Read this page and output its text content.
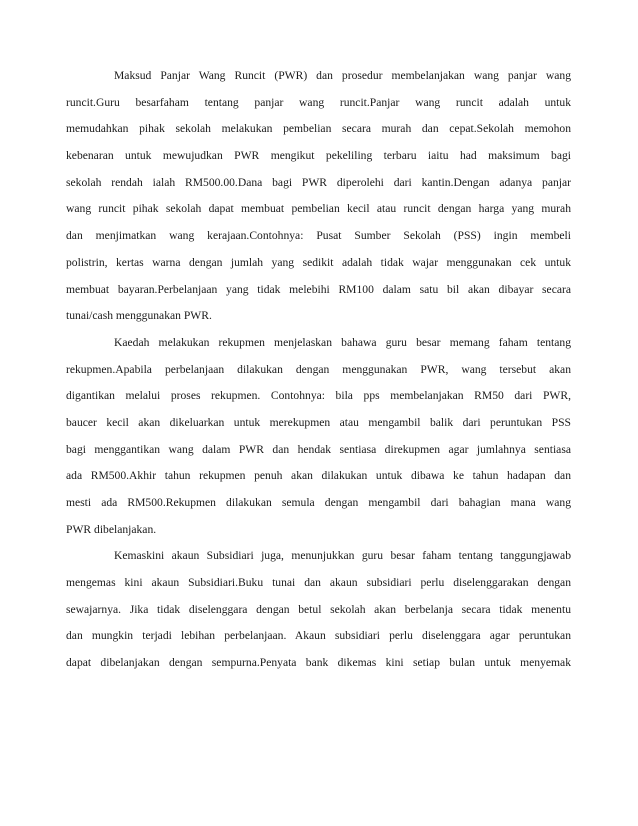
Maksud Panjar Wang Runcit (PWR) dan prosedur membelanjakan wang panjar wang
runcit.Guru besarfaham tentang panjar wang runcit.Panjar wang runcit adalah untuk
memudahkan pihak sekolah melakukan pembelian secara murah dan cepat.Sekolah memohon
kebenaran untuk mewujudkan PWR mengikut pekeliling terbaru iaitu had maksimum bagi
sekolah rendah ialah RM500.00.Dana bagi PWR diperolehi dari kantin.Dengan adanya panjar
wang runcit pihak sekolah dapat membuat pembelian kecil atau runcit dengan harga yang murah
dan menjimatkan wang kerajaan.Contohnya: Pusat Sumber Sekolah (PSS) ingin membeli
polistrin, kertas warna dengan jumlah yang sedikit adalah tidak wajar menggunakan cek untuk
membuat bayaran.Perbelanjaan yang tidak melebihi RM100 dalam satu bil akan dibayar secara
tunai/cash menggunakan PWR.
Kaedah melakukan rekupmen menjelaskan bahawa guru besar memang faham tentang
rekupmen.Apabila perbelanjaan dilakukan dengan menggunakan PWR, wang tersebut akan
digantikan melalui proses rekupmen. Contohnya: bila pps membelanjakan RM50 dari PWR,
baucer kecil akan dikeluarkan untuk merekupmen atau mengambil balik dari peruntukan PSS
bagi menggantikan wang dalam PWR dan hendak sentiasa direkupmen agar jumlahnya sentiasa
ada RM500.Akhir tahun rekupmen penuh akan dilakukan untuk dibawa ke tahun hadapan dan
mesti ada RM500.Rekupmen dilakukan semula dengan mengambil dari bahagian mana wang
PWR dibelanjakan.
Kemaskini akaun Subsidiari juga, menunjukkan guru besar faham tentang tanggungjawab
mengemas kini akaun Subsidiari.Buku tunai dan akaun subsidiari perlu diselenggarakan dengan
sewajarnya. Jika tidak diselenggara dengan betul sekolah akan berbelanja secara tidak menentu
dan mungkin terjadi lebihan perbelanjaan. Akaun subsidiari perlu diselenggara agar peruntukan
dapat dibelanjakan dengan sempurna.Penyata bank dikemas kini setiap bulan untuk menyemak
